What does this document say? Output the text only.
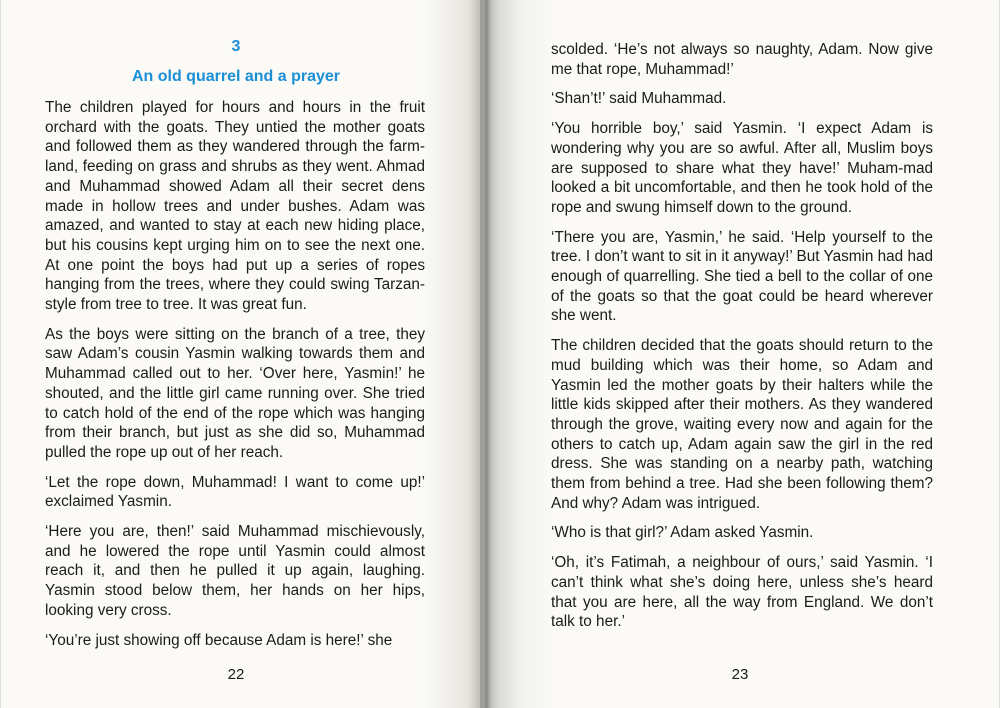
3
An old quarrel and a prayer

The children played for hours and hours in the fruit orchard with the goats. They untied the mother goats and followed them as they wandered through the farm-land, feeding on grass and shrubs as they went. Ahmad and Muhammad showed Adam all their secret dens made in hollow trees and under bushes. Adam was amazed, and wanted to stay at each new hiding place, but his cousins kept urging him on to see the next one. At one point the boys had put up a series of ropes hanging from the trees, where they could swing Tarzan-style from tree to tree. It was great fun.

As the boys were sitting on the branch of a tree, they saw Adam’s cousin Yasmin walking towards them and Muhammad called out to her. ‘Over here, Yasmin!’ he shouted, and the little girl came running over. She tried to catch hold of the end of the rope which was hanging from their branch, but just as she did so, Muhammad pulled the rope up out of her reach.

‘Let the rope down, Muhammad! I want to come up!’ exclaimed Yasmin.

‘Here you are, then!’ said Muhammad mischievously, and he lowered the rope until Yasmin could almost reach it, and then he pulled it up again, laughing. Yasmin stood below them, her hands on her hips, looking very cross.

‘You’re just showing off because Adam is here!’ she

22

scolded. ‘He’s not always so naughty, Adam. Now give me that rope, Muhammad!’

‘Shan’t!’ said Muhammad.

‘You horrible boy,’ said Yasmin. ‘I expect Adam is wondering why you are so awful. After all, Muslim boys are supposed to share what they have!’ Muham-mad looked a bit uncomfortable, and then he took hold of the rope and swung himself down to the ground.

‘There you are, Yasmin,’ he said. ‘Help yourself to the tree. I don’t want to sit in it anyway!’ But Yasmin had had enough of quarrelling. She tied a bell to the collar of one of the goats so that the goat could be heard wherever she went.

The children decided that the goats should return to the mud building which was their home, so Adam and Yasmin led the mother goats by their halters while the little kids skipped after their mothers. As they wandered through the grove, waiting every now and again for the others to catch up, Adam again saw the girl in the red dress. She was standing on a nearby path, watching them from behind a tree. Had she been following them? And why? Adam was intrigued.

‘Who is that girl?’ Adam asked Yasmin.

‘Oh, it’s Fatimah, a neighbour of ours,’ said Yasmin. ‘I can’t think what she’s doing here, unless she’s heard that you are here, all the way from England. We don’t talk to her.’

23
